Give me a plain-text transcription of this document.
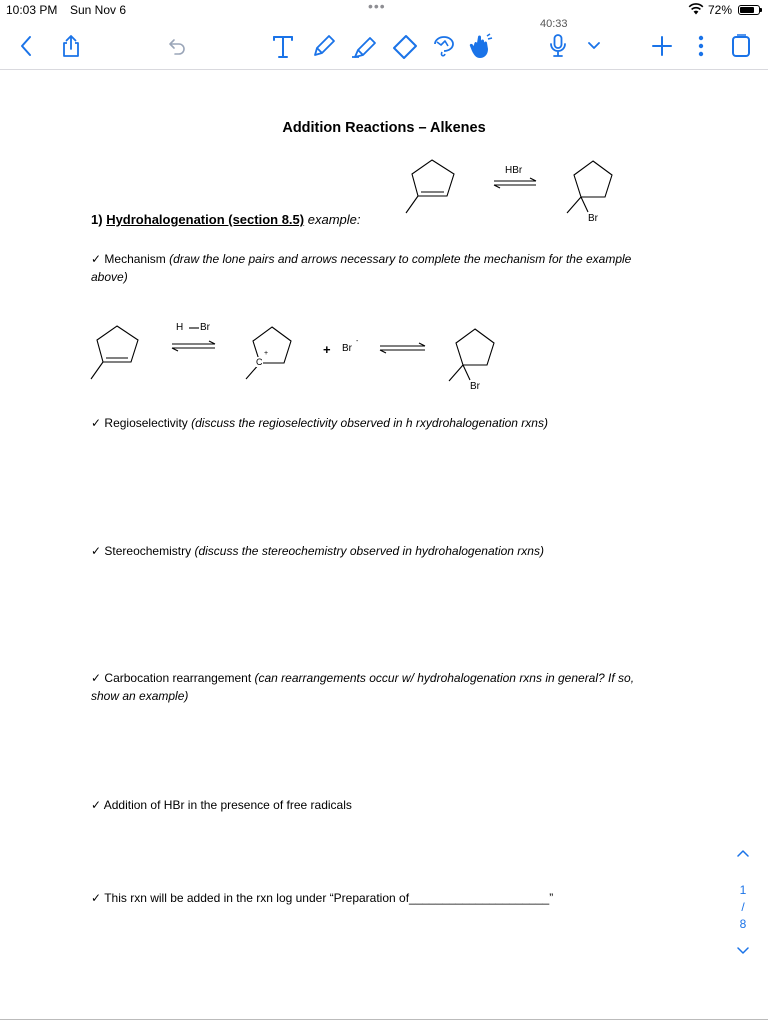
10:03 PM Sun Nov 6	•••	72%
40:33
Addition Reactions – Alkenes
1) Hydrohalogenation (section 8.5) example:
HBr
Br
✓ Mechanism (draw the lone pairs and arrows necessary to complete the mechanism for the example
above)
H Br
C
+	+ Br
-
Br
✓ Regioselectivity (discuss the regioselectivity observed in h rxydrohalogenation rxns)
✓ Stereochemistry (discuss the stereochemistry observed in hydrohalogenation rxns)
✓ Carbocation rearrangement (can rearrangements occur w/ hydrohalogenation rxns in general? If so,
show an example)
✓ Addition of HBr in the presence of free radicals
✓ This rxn will be added in the rxn log under “Preparation of_____________________”
1
/
8
